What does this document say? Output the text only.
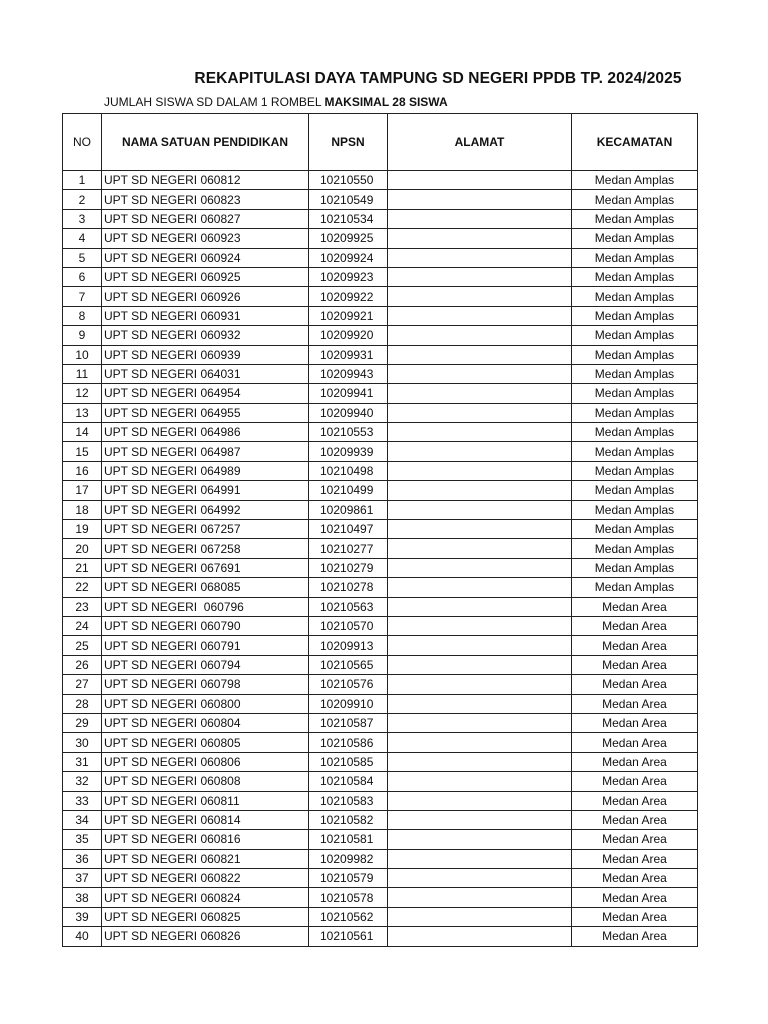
REKAPITULASI DAYA TAMPUNG SD NEGERI PPDB TP. 2024/2025
JUMLAH SISWA SD DALAM 1 ROMBEL MAKSIMAL 28 SISWA
NO	NAMA SATUAN PENDIDIKAN	NPSN	ALAMAT	KECAMATAN
1	UPT SD NEGERI 060812	10210550		Medan Amplas
2	UPT SD NEGERI 060823	10210549		Medan Amplas
3	UPT SD NEGERI 060827	10210534		Medan Amplas
4	UPT SD NEGERI 060923	10209925		Medan Amplas
5	UPT SD NEGERI 060924	10209924		Medan Amplas
6	UPT SD NEGERI 060925	10209923		Medan Amplas
7	UPT SD NEGERI 060926	10209922		Medan Amplas
8	UPT SD NEGERI 060931	10209921		Medan Amplas
9	UPT SD NEGERI 060932	10209920		Medan Amplas
10	UPT SD NEGERI 060939	10209931		Medan Amplas
11	UPT SD NEGERI 064031	10209943		Medan Amplas
12	UPT SD NEGERI 064954	10209941		Medan Amplas
13	UPT SD NEGERI 064955	10209940		Medan Amplas
14	UPT SD NEGERI 064986	10210553		Medan Amplas
15	UPT SD NEGERI 064987	10209939		Medan Amplas
16	UPT SD NEGERI 064989	10210498		Medan Amplas
17	UPT SD NEGERI 064991	10210499		Medan Amplas
18	UPT SD NEGERI 064992	10209861		Medan Amplas
19	UPT SD NEGERI 067257	10210497		Medan Amplas
20	UPT SD NEGERI 067258	10210277		Medan Amplas
21	UPT SD NEGERI 067691	10210279		Medan Amplas
22	UPT SD NEGERI 068085	10210278		Medan Amplas
23	UPT SD NEGERI  060796	10210563		Medan Area
24	UPT SD NEGERI 060790	10210570		Medan Area
25	UPT SD NEGERI 060791	10209913		Medan Area
26	UPT SD NEGERI 060794	10210565		Medan Area
27	UPT SD NEGERI 060798	10210576		Medan Area
28	UPT SD NEGERI 060800	10209910		Medan Area
29	UPT SD NEGERI 060804	10210587		Medan Area
30	UPT SD NEGERI 060805	10210586		Medan Area
31	UPT SD NEGERI 060806	10210585		Medan Area
32	UPT SD NEGERI 060808	10210584		Medan Area
33	UPT SD NEGERI 060811	10210583		Medan Area
34	UPT SD NEGERI 060814	10210582		Medan Area
35	UPT SD NEGERI 060816	10210581		Medan Area
36	UPT SD NEGERI 060821	10209982		Medan Area
37	UPT SD NEGERI 060822	10210579		Medan Area
38	UPT SD NEGERI 060824	10210578		Medan Area
39	UPT SD NEGERI 060825	10210562		Medan Area
40	UPT SD NEGERI 060826	10210561		Medan Area
